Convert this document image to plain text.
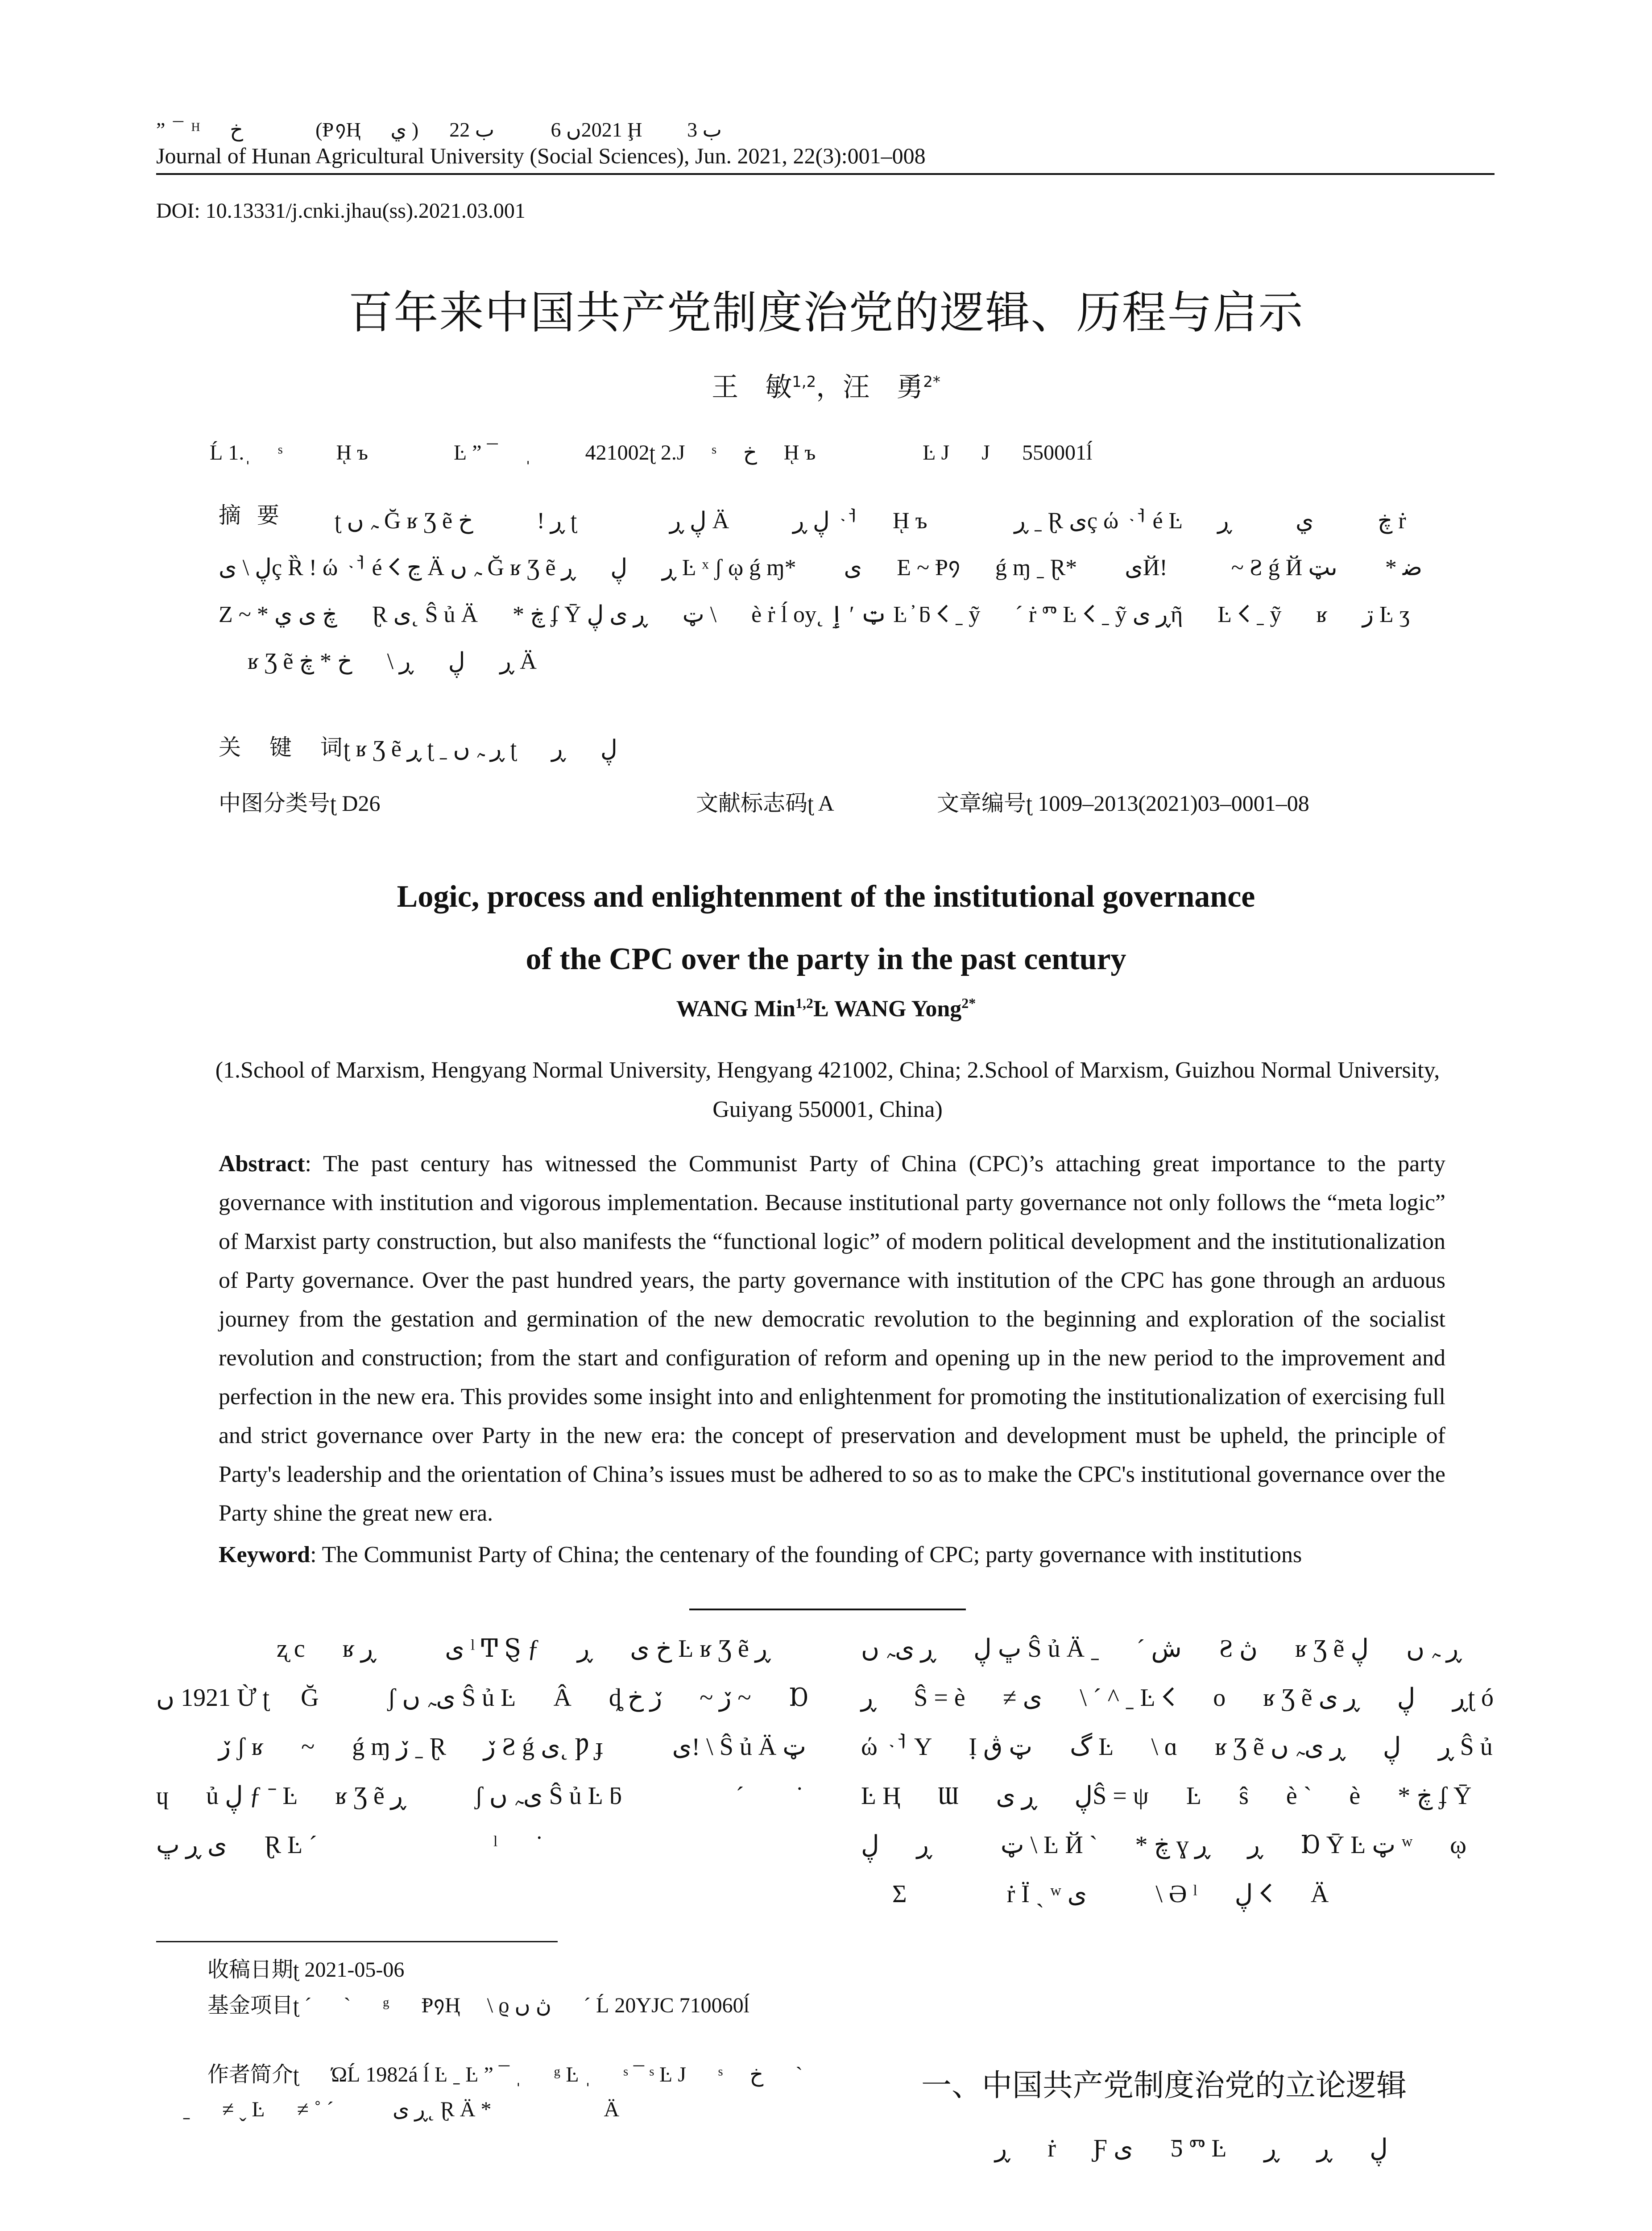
” ¯ ᴴ 　خ 　 　ُ (Ᵽ᠀Ⱨ 　ي ) 　 2021ں 6 　 　 ب 22 Ḩ ب 3 ۶ؚ
Journal of Hunan Agricultural University (Social Sciences), Jun. 2021, 22(3):001–008
DOI: 10.13331/j.cnki.jhau(ss).2021.03.001
百年来中国共产党制度治党的逻辑、历程与启示
王　敏$^{1,2}$，汪　勇$^{2*}$
Ĺ 1.ˌ 　ˢ 　 　ῌ ъ 　 　 　 Ŀ ” ¯ 　ˌ 　 　421002ʈ 2.J 　ˢ 　خ 　ῌ ъ 　 　 　 　Ŀ J 　 J 　 550001ĺ
摘 要	ʈ ﮧ ں Ğ ʁ Ʒ ẽ ڕ ! 　 　 خ ʈ 　 　 　 ڸ ڕ Ä 　 　 ڸ ڕ ᆟ 　 ῌ ъ 　 　 　ڕ ˍ Ɽ ىç ώ ᆟ é Ŀ 　 ڿ 　 　 ي 　 　 ڕ ṙ 　 ڸ \ ىç Ȑ ! ώ ᆟ é 𐌂 ڃ Ä ﮧ ں Ğ ʁ Ʒ ẽ ڕ 　 ڸ 　 ڕ Ŀ ˣ ʃ ῳ ǵ ɱ* ۶ؚ ى 　 Ε ~ Ᵽ᠀ 　 ǵ ɱ ˍ Ɽ* ۶ؚ ىЙ! 　 　 ~ Ƨ ǵ Й ﺿ * ۶ؚ ىټ 　 Ζ ~ * ڿ ى ي 　 Ɽ ى˛ Ŝ ủ Ä 　 * ڿ ʄ Ῡ ټ 　 ڕ ى ڸ \ 　 è ṙ ĺ oy˛ ټ ʹ ٳ Ŀ ̓ ƃ 𐌂 ˍ ỹ 　 ˊ ṙ ⱅ Ŀ 𐌂 ˍ ỹ ڕ ىῆ 　 Ŀ 𐌂 ˍ ỹ 　 ʁ 　 ڗ Ŀ ʒ 　 ʁ Ʒ ẽ ڕ 　 ڸ 　 ڕ \ 　 خ * ڿ Ä
关 键 词
ʈ ʁ Ʒ ẽ ڕ ʈ ˍ ڕ ﮧ ں ʈ 　 ڸ 　 ڕ
中图分类号ʈ D26	文献标志码ʈ A	文章编号ʈ 1009–2013(2021)03–0001–08
Logic, process and enlightenment of the institutional governance
of the CPC over the party in the past century
WANG Min$^{1,2}$Ŀ WANG Yong$^{2*}$
(1.School of Marxism, Hengyang Normal University, Hengyang 421002, China; 2.School of Marxism, Guizhou Normal University, Guiyang 550001, China)
Abstract: The past century has witnessed the Communist Party of China (CPC)’s attaching great importance to the party governance with institution and vigorous implementation. Because institutional party governance not only follows the “meta logic” of Marxist party construction, but also manifests the “functional logic” of modern political development and the institutionalization of Party governance. Over the past hundred years, the party governance with institution of the CPC has gone through an arduous journey from the gestation and germination of the new democratic revolution to the beginning and exploration of the socialist revolution and construction; from the start and configuration of reform and opening up in the new period to the improvement and perfection in the new era. This provides some insight into and enlightenment for promoting the institutionalization of exercising full and strict governance over Party in the new era: the concept of preservation and development must be upheld, the principle of Party's leadership and the orientation of China’s issues must be adhered to so as to make the CPC's institutional governance over the Party shine the great new era.
Keyword: The Communist Party of China; the centenary of the founding of CPC; party governance with institutions
ʐ c 　 ʁ ى 　 　 ڕ ˡ Ͳ Ȿ ƒ 　 خ ى 　 ڕ Ŀ ʁ Ʒ ẽ ڕ 　 1921 ں Ừ ʈ 　Ğ 　 　 ʃ ىﮧ ں Ŝ ủ Ŀ 　 Â 　 ȡ ڒ ~ 　 ڒ خ ~ 　 Ɒ 　 　 ڒ ʃ ʁ 　 ~ 　 ǵ ɱ ڒ ˍ Ɽ 　 ڒ Ƨ ǵ ى˛ Ƿ ɟ 　 　 ى! \ Ŝ ủ Ä ټ ɥ 　 ủ ڸ ƒ ˉ Ŀ 　 ʁ Ʒ ẽ ڕ 　 　 ʃ ىﮧ ں Ŝ ủ Ŀ ƃ 　 　 ۶ؚ ˊ ۶ؚ ˙ ى ڕ ڀ 　 Ɽ Ŀ ˊ 　 ۶ؚ 　 　 　 ˡ 　 ˙
ڀ ڸ 　 ڕ ىﮧ ں Ŝ ủ Ä ˍ 　 ˊ ش 　 Ƨ ڽ 　 ʁ Ʒ ẽ ڕ ﮧ ں 　 ڸ 　 ڕ Ŝ = è 　 ≠ ى 　 \ ˊ ^ ˍ Ŀ 𐌂 　 o 　 ʁ Ʒ ẽ ڕ 　 ڸ 　 ڕ ىʈ ó ώ ᆟ Y 　 Ị گ 　 ټ ڨ Ŀ 　 \ ɑ 　 ʁ Ʒ ẽ ڕ 　 ڸ 　 ڕ ىﮧ ں Ŝ ủ Ŀ Ⱨ 　 Ɯ 　 ڸ 　 ڕ ىŜ = ψ 　 Ŀ 　 ŝ 　 è ˋ 　 è 　 * ڿ ʄ Ῡ ټ 　 　 ڕ 　 ڸ \ Ŀ Й ˋ 　 * ڿ ɣ ڕ 　 ڕ 　 Ɒ Ῡ Ŀ ټ ʷ 　 ῳ 　 Σ 　 　 　 ṙ Ϊ ˎ ʷ ى 　 　 \ Ə ˡ 　 ڸ 𐌂 　 Ä
收稿日期ʈ 2021-05-06
基金项目ʈ ˊ 　 ˋ 　 ᵍ 　 Ᵽ᠀Ⱨ 　\ ϱ ڽ ں 　 ˊ Ĺ 20YJC 710060ĺ
作者简介ʈ 　 ΏĹ 1982á ĺ Ŀ ˍ Ŀ ” ¯ ˌ 　 ᵍ Ŀ ˌ 　 ˢ ¯ ˢ Ŀ J 　 ˢ 　خ 　 ˋ 　 ˍ 　 ≠ ˬ Ŀ 　 ≠ ˚ ˊ 　 　 ڕ ى˛ Ɽ Ä * 　 　 　 　 Ä
一、中国共产党制度治党的立论逻辑
ڕ 　 ṙ 　 Ƒ ى 　 Ƽ ⱅ Ŀ 　 ڸ 　 ڕ 　 ڕ
